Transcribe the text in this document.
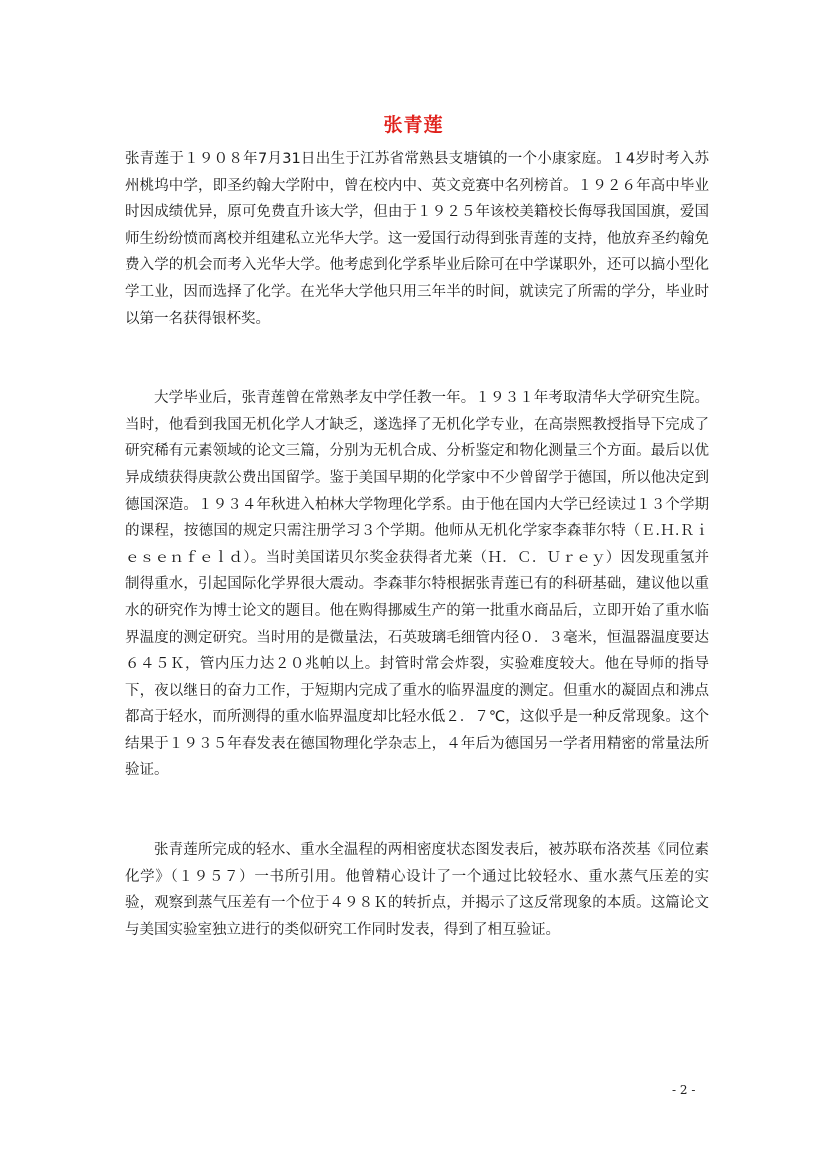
张青莲

张青莲于１９０８年7月31日出生于江苏省常熟县支塘镇的一个小康家庭。１4岁时考入苏州桃坞中学，即圣约翰大学附中，曾在校内中、英文竞赛中名列榜首。１９２６年高中毕业时因成绩优异，原可免费直升该大学，但由于１９２５年该校美籍校长侮辱我国国旗，爱国师生纷纷愤而离校并组建私立光华大学。这一爱国行动得到张青莲的支持，他放弃圣约翰免费入学的机会而考入光华大学。他考虑到化学系毕业后除可在中学谋职外，还可以搞小型化学工业，因而选择了化学。在光华大学他只用三年半的时间，就读完了所需的学分，毕业时以第一名获得银杯奖。

大学毕业后，张青莲曾在常熟孝友中学任教一年。１９３１年考取清华大学研究生院。当时，他看到我国无机化学人才缺乏，遂选择了无机化学专业，在高崇熙教授指导下完成了研究稀有元素领域的论文三篇，分别为无机合成、分析鉴定和物化测量三个方面。最后以优异成绩获得庚款公费出国留学。鉴于美国早期的化学家中不少曾留学于德国，所以他决定到德国深造。１９３４年秋进入柏林大学物理化学系。由于他在国内大学已经读过１３个学期的课程，按德国的规定只需注册学习３个学期。他师从无机化学家李森菲尔特（Ｅ.Ｈ.Ｒｉｅｓｅｎｆｅｌｄ）。当时美国诺贝尔奖金获得者尤莱（Ｈ．Ｃ．Ｕｒｅｙ）因发现重氢并制得重水，引起国际化学界很大震动。李森菲尔特根据张青莲已有的科研基础，建议他以重水的研究作为博士论文的题目。他在购得挪威生产的第一批重水商品后，立即开始了重水临界温度的测定研究。当时用的是微量法，石英玻璃毛细管内径０．３毫米，恒温器温度要达６４５Ｋ，管内压力达２０兆帕以上。封管时常会炸裂，实验难度较大。他在导师的指导下，夜以继日的奋力工作，于短期内完成了重水的临界温度的测定。但重水的凝固点和沸点都高于轻水，而所测得的重水临界温度却比轻水低２．７℃，这似乎是一种反常现象。这个结果于１９３５年春发表在德国物理化学杂志上，４年后为德国另一学者用精密的常量法所验证。

张青莲所完成的轻水、重水全温程的两相密度状态图发表后，被苏联布洛茨基《同位素化学》（１９５７）一书所引用。他曾精心设计了一个通过比较轻水、重水蒸气压差的实验，观察到蒸气压差有一个位于４９８Ｋ的转折点，并揭示了这反常现象的本质。这篇论文与美国实验室独立进行的类似研究工作同时发表，得到了相互验证。

- 2 -
